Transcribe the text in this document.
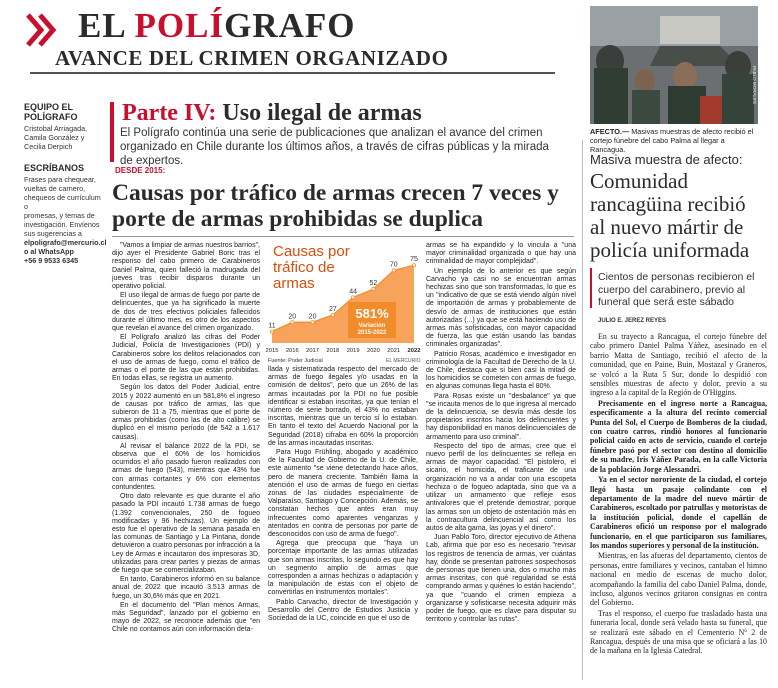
EL POLÍGRAFO
AVANCE DEL CRIMEN ORGANIZADO
EQUIPO EL POLÍGRAFO
Cristobal Arriagada,
Camila González y
Cecilia Derpich
ESCRÍBANOS
Frases para chequear,
vueltas de carnero,
chequeos de currículum o
promesas, y temas de
investigación. Envíenos
sus sugerencias a
elpoligrafo@mercurio.cl
o al WhatsApp
+56 9 9533 6345
Parte IV: Uso ilegal de armas
El Polígrafo continúa una serie de publicaciones que analizan el avance del crimen organizado en Chile durante los últimos años, a través de cifras públicas y la mirada de expertos.
DESDE 2015:
Causas por tráfico de armas crecen 7 veces y porte de armas prohibidas se duplica

"Vamos a limpiar de armas nuestros barrios", dijo ayer el Presidente Gabriel Boric tras el responso del cabo primero de Carabineros Daniel Palma, quien falleció la madrugada del jueves tras recibir disparos durante un operativo policial.

El uso ilegal de armas de fuego por parte de delincuentes, que ya ha significado la muerte de dos de tres efectivos policiales fallecidos durante el último mes, es otro de los aspectos que revelan el avance del crimen organizado.

El Polígrafo analizó las cifras del Poder Judicial, Policía de Investigaciones (PDI) y Carabineros sobre los delitos relacionados con el uso de armas de fuego, como el tráfico de armas o el porte de las que están prohibidas. En todas ellas, se registra un aumento.

Según los datos del Poder Judicial, entre 2015 y 2022 aumentó en un 581,8% el ingreso de causas por tráfico de armas, las que subieron de 11 a 75, mientras que el porte de armas prohibidas (como las de alto calibre) se duplicó en el mismo período (de 542 a 1.617 causas).

Al revisar el balance 2022 de la PDI, se observa que el 60% de los homicidios ocurridos el año pasado fueron realizados con armas de fuego (543), mientras que 43% fue con armas cortantes y 6% con elementos contundentes.

Otro dato relevante es que durante el año pasado la PDI incautó 1.738 armas de fuego (1.392 convencionales, 250 de fogueo modificadas y 96 hechizas). Un ejemplo de esto fue el operativo de la semana pasada en las comunas de Santiago y La Pintana, donde detuvieron a cuatro personas por infracción a la Ley de Armas e incautaron dos impresoras 3D, utilizadas para crear partes y piezas de armas de fuego que se comercializaban.

En tanto, Carabineros informó en su balance anual de 2022 que incautó 3.513 armas de fuego, un 30,6% más que en 2021.

En el documento del "Plan menos Armas, más Seguridad", lanzado por el gobierno en mayo de 2022, se reconoce además que "en Chile no contamos aún con información deta-

llada y sistematizada respecto del mercado de armas de fuego ilegales y/o usadas en la comisión de delitos", pero que un 26% de las armas incautadas por la PDI no fue posible identificar si estaban inscritas, ya que tenían el número de serie borrado, el 43% no estaban inscritas, mientras que un tercio sí lo estaban. En tanto el texto del Acuerdo Nacional por la Seguridad (2018) cifraba en 60% la proporción de las armas incautadas inscritas.

Para Hugo Frühling, abogado y académico de la Facultad de Gobierno de la U. de Chile, este aumento "se viene detectando hace años, pero de manera creciente. También llama la atención el uso de armas de fuego en ciertas zonas de las ciudades especialmente de Valparaíso, Santiago y Concepción. Además, se constatan hechos que antes eran muy infrecuentes como aparentes venganzas y atentados en contra de personas por parte de desconocidos con uso de arma de fuego".

Agrega que preocupa que "haya un porcentaje importante de las armas utilizadas que son armas inscritas, lo segundo es que hay un segmento amplio de armas que corresponden a armas hechizas o adaptación y la manipulación de estas con el objeto de convertirlas en instrumentos mortales".

Pablo Carvacho, director de Investigación y Desarrollo del Centro de Estudios Justicia y Sociedad de la UC, coincide en que el uso de

armas se ha expandido y lo vincula a "una mayor criminalidad organizada o que hay una criminalidad de mayor complejidad".

Un ejemplo de lo anterior es que según Carvacho ya casi no se encuentran armas hechizas sino que son transformadas, lo que es un "indicativo de que se está viendo algún nivel de importación de armas y probablemente de desvío de armas de instituciones que están autorizadas (...) ya que se está haciendo uso de armas más sofisticadas, con mayor capacidad de fuerza, las que están usando las bandas criminales organizadas".

Patricio Rosas, académico e investigador en criminología de la Facultad de Derecho de la U. de Chile, destaca que si bien casi la mitad de los homicidios se cometen con armas de fuego, en algunas comunas llega hasta el 80%.

Para Rosas existe un "desbalance" ya que "se incauta menos de lo que ingresa al mercado de la delincuencia, se desvía más desde los propietarios inscritos hacia los delincuentes y hay disponibilidad en manos delincuenciales de armamento para uso criminal".

Respecto del tipo de armas, cree que el nuevo perfil de los delincuentes se refleja en armas de mayor capacidad. "El pistolero, el sicario, el homicida, el traficante de una organización no va a andar con una escopeta hechiza o de fogueo adaptada, sino que va a utilizar un armamento que refleje esos antivalores que el pretende demostrar, porque las armas son un objeto de ostentación más en la contracultura delincuencial así como los autos de alta gama, las joyas y el dinero".

Juan Pablo Toro, director ejecutivo de Athena Lab, afirma que por eso es necesario "revisar los registros de tenencia de armas, ver cuántas hay, dónde se presentan patrones sospechosos de personas que tienen una, dos o mucho más armas inscritas, con qué regularidad se está comprando armas y quiénes lo están haciendo", ya que "cuando el crimen empieza a organizarse y sofisticarse necesita adquirir más poder de fuego, que es clave para disputar su territorio y controlar las rutas".

11
20 20
27
44
52
70
75
2015 2016 2017 2018 2019 2020 2021 2022
581%
Variación
2015-2022
Causas por tráfico de armas
Fuente: Poder Judicial	EL MERCURIO
PABLO MORALES
AFECTO.— Masivas muestras de afecto recibió el cortejo fúnebre del cabo Palma al llegar a Rancagua.
Masiva muestra de afecto:
Comunidad rancagüina recibió al nuevo mártir de policía uniformada
Cientos de personas recibieron el cuerpo del carabinero, previo al funeral que será este sábado
JULIO E. JEREZ REYES

En su trayecto a Rancagua, el cortejo fúnebre del cabo primero Daniel Palma Yáñez, asesinado en el barrio Matta de Santiago, recibió el afecto de la comunidad, que en Paine, Buin, Mostazal y Graneros, se volcó a la Ruta 5 Sur, donde lo despidió con sensibles muestras de afecto y dolor, previo a su ingreso a la capital de la Región de O'Higgins.

Precisamente en el ingreso norte a Rancagua, específicamente a la altura del recinto comercial Punta del Sol, el Cuerpo de Bomberos de la ciudad, con cuatro carros, rindió honores al funcionario policial caído en acto de servicio, cuando el cortejo fúnebre pasó por el sector con destino al domicilio de su madre, Iris Yáñez Parada, en la calle Victoria de la población Jorge Alessandri.

Ya en el sector nororiente de la ciudad, el cortejo llegó hasta un pasaje colindante con el departamento de la madre del nuevo mártir de Carabineros, escoltado por patrullas y motoristas de la institución policial, donde el capellán de Carabineros ofició un responso por el malogrado funcionario, en el que participaron sus familiares, los mandos superiores y personal de la institución.

Mientras, en las afueras del departamento, cientos de personas, entre familiares y vecinos, cantaban el himno nacional en medio de escenas de mucho dolor, acompañando la familia del cabo Daniel Palma, donde, incluso, algunos vecinos gritaron consignas en contra del Gobierno.

Tras el responso, el cuerpo fue trasladado hasta una funeraria local, donde será velado hasta su funeral, que se realizará este sábado en el Cementerio Nº 2 de Rancagua, después de una misa que se oficiará a las 10 de la mañana en la Iglesia Catedral.
